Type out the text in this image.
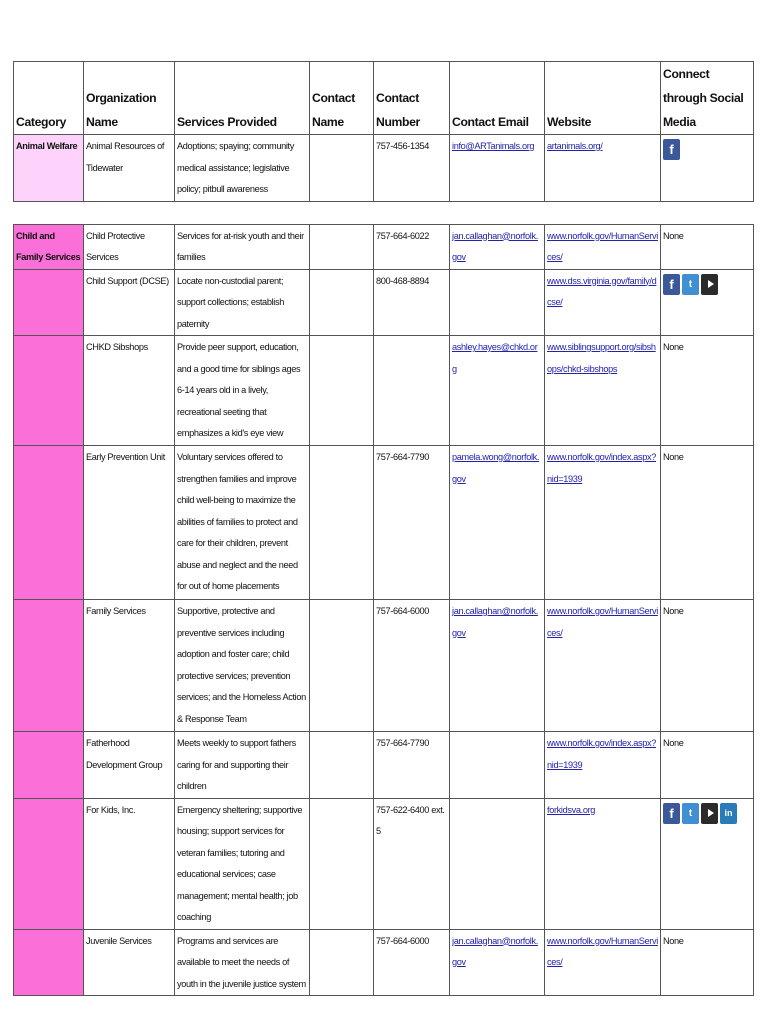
Category	Organization Name	Services Provided	Contact Name	Contact Number	Contact Email	Website	Connect through Social Media
Animal Welfare	Animal Resources of Tidewater	Adoptions; spaying; community medical assistance; legislative policy; pitbull awareness		757-456-1354	info@ARTanimals.org	artanimals.org/	f

Child and Family Services	Child Protective Services	Services for at-risk youth and their families		757-664-6022	jan.callaghan@norfolk.gov	www.norfolk.gov/HumanServices/	None
	Child Support (DCSE)	Locate non-custodial parent; support collections; establish paternity		800-468-8894		www.dss.virginia.gov/family/dcse/	f t

	CHKD Sibshops	Provide peer support, education, and a good time for siblings ages 6-14 years old in a lively, recreational seeting that emphasizes a kid's eye view			ashley.hayes@chkd.org	www.siblingsupport.org/sibshops/chkd-sibshops	None
	Early Prevention Unit	Voluntary services offered to strengthen families and improve child well-being to maximize the abilities of families to protect and care for their children, prevent abuse and neglect and the need for out of home placements		757-664-7790	pamela.wong@norfolk.gov	www.norfolk.gov/index.aspx?nid=1939	None
	Family Services	Supportive, protective and preventive services including adoption and foster care; child protective services; prevention services; and the Homeless Action & Response Team		757-664-6000	jan.callaghan@norfolk.gov	www.norfolk.gov/HumanServices/	None
	Fatherhood Development Group	Meets weekly to support fathers caring for and supporting their children		757-664-7790		www.norfolk.gov/index.aspx?nid=1939	None
	For Kids, Inc.	Emergency sheltering; supportive housing; support services for veteran families; tutoring and educational services; case management; mental health; job coaching		757-622-6400 ext. 5		forkidsva.org	f t in

	Juvenile Services	Programs and services are available to meet the needs of youth in the juvenile justice system		757-664-6000	jan.callaghan@norfolk.gov	www.norfolk.gov/HumanServices/	None
